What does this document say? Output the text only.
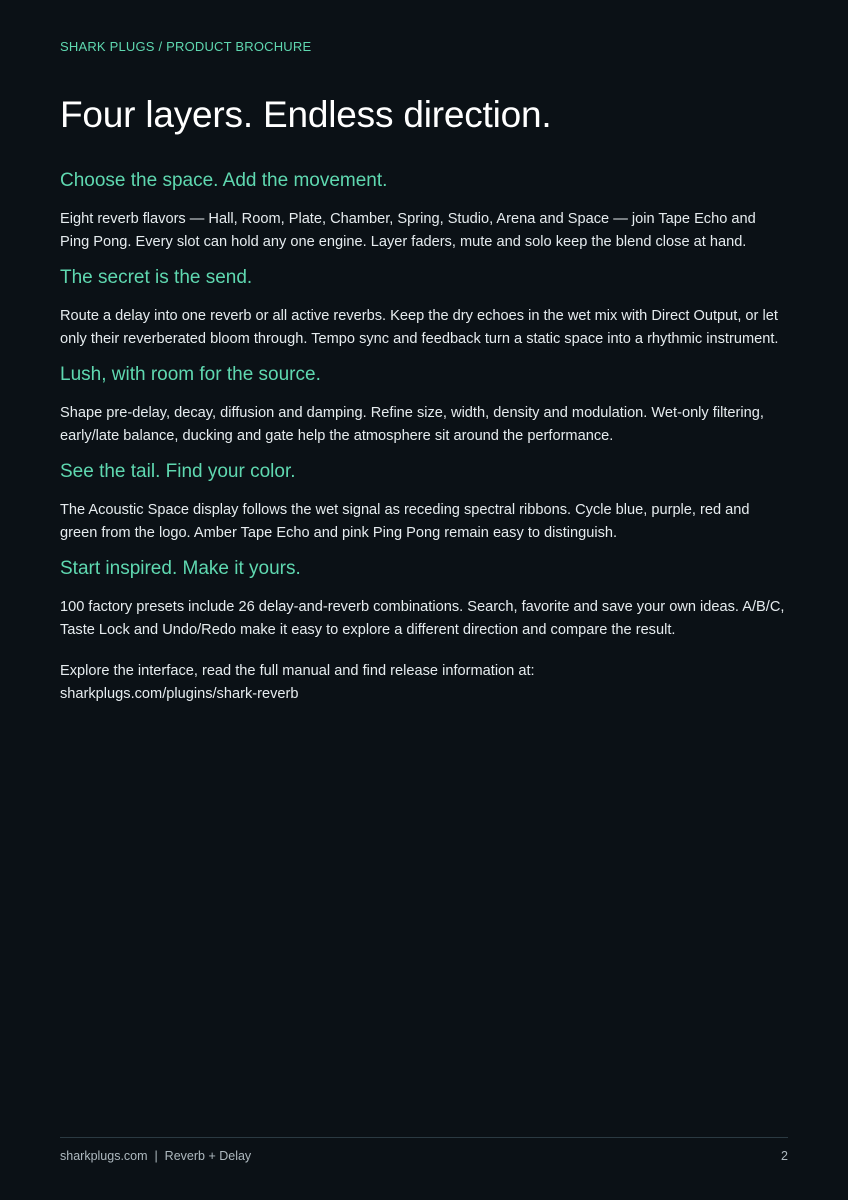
SHARK PLUGS / PRODUCT BROCHURE
Four layers. Endless direction.
Choose the space. Add the movement.

Eight reverb flavors — Hall, Room, Plate, Chamber, Spring, Studio, Arena and Space — join Tape Echo and Ping Pong. Every slot can hold any one engine. Layer faders, mute and solo keep the blend close at hand.

The secret is the send.

Route a delay into one reverb or all active reverbs. Keep the dry echoes in the wet mix with Direct Output, or let only their reverberated bloom through. Tempo sync and feedback turn a static space into a rhythmic instrument.

Lush, with room for the source.

Shape pre-delay, decay, diffusion and damping. Refine size, width, density and modulation. Wet-only filtering, early/late balance, ducking and gate help the atmosphere sit around the performance.

See the tail. Find your color.

The Acoustic Space display follows the wet signal as receding spectral ribbons. Cycle blue, purple, red and green from the logo. Amber Tape Echo and pink Ping Pong remain easy to distinguish.

Start inspired. Make it yours.

100 factory presets include 26 delay-and-reverb combinations. Search, favorite and save your own ideas. A/B/C, Taste Lock and Undo/Redo make it easy to explore a different direction and compare the result.

Explore the interface, read the full manual and find release information at:
sharkplugs.com/plugins/shark-reverb

sharkplugs.com  |  Reverb + Delay	2
